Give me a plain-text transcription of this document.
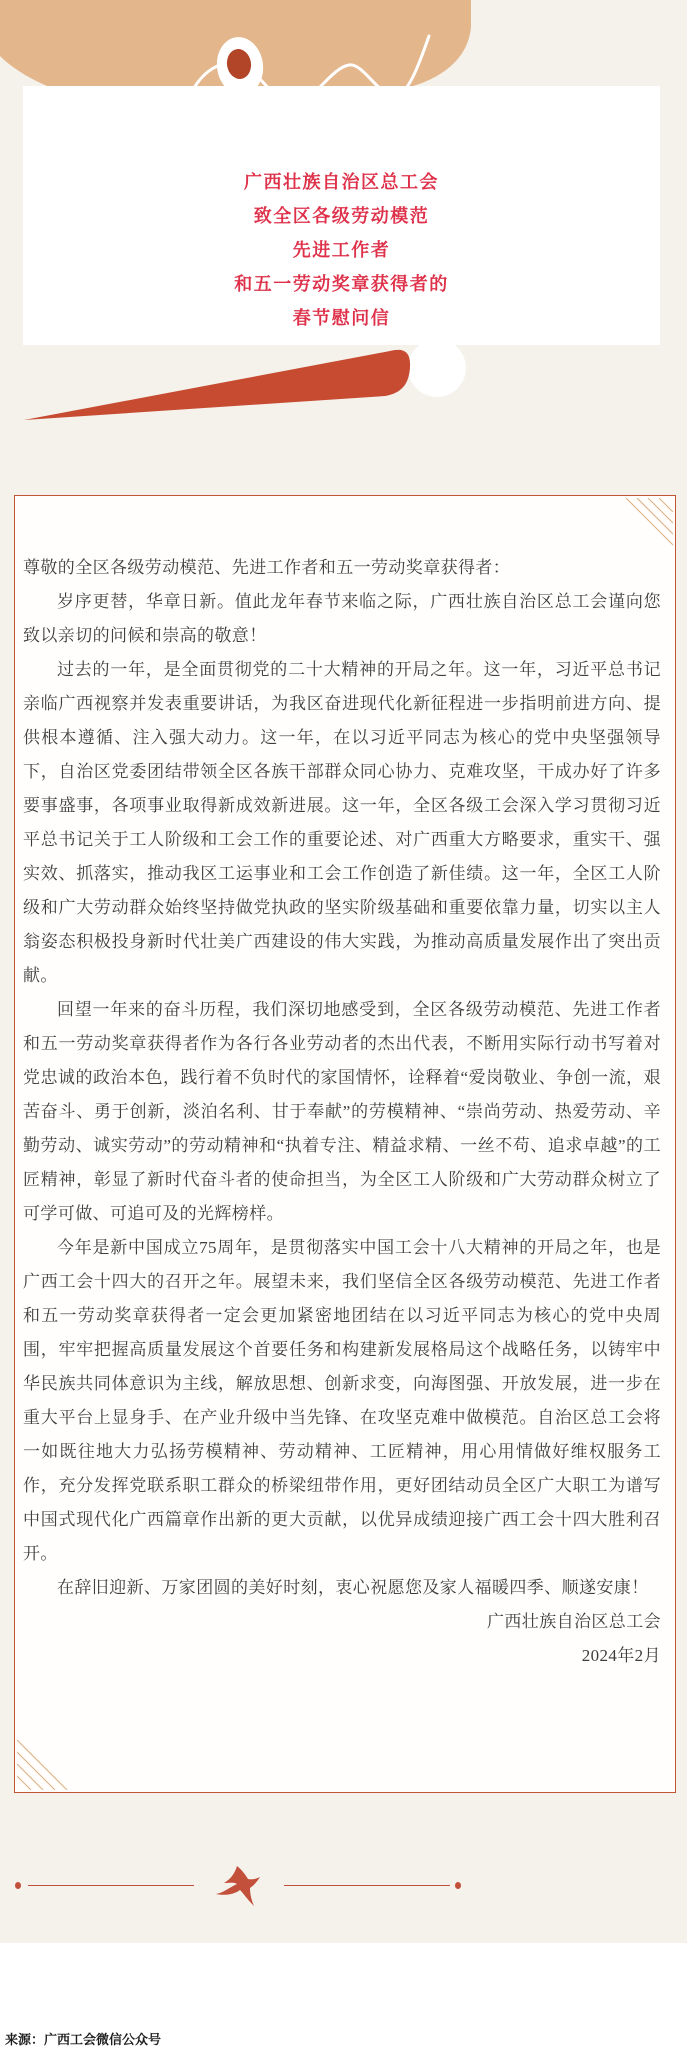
广西壮族自治区总工会
致全区各级劳动模范
先进工作者
和五一劳动奖章获得者的
春节慰问信

尊敬的全区各级劳动模范、先进工作者和五一劳动奖章获得者：

岁序更替，华章日新。值此龙年春节来临之际，广西壮族自治区总工会谨向您致以亲切的问候和崇高的敬意！

过去的一年，是全面贯彻党的二十大精神的开局之年。这一年，习近平总书记亲临广西视察并发表重要讲话，为我区奋进现代化新征程进一步指明前进方向、提供根本遵循、注入强大动力。这一年，在以习近平同志为核心的党中央坚强领导下，自治区党委团结带领全区各族干部群众同心协力、克难攻坚，干成办好了许多要事盛事，各项事业取得新成效新进展。这一年，全区各级工会深入学习贯彻习近平总书记关于工人阶级和工会工作的重要论述、对广西重大方略要求，重实干、强实效、抓落实，推动我区工运事业和工会工作创造了新佳绩。这一年，全区工人阶级和广大劳动群众始终坚持做党执政的坚实阶级基础和重要依靠力量，切实以主人翁姿态积极投身新时代壮美广西建设的伟大实践，为推动高质量发展作出了突出贡献。

回望一年来的奋斗历程，我们深切地感受到，全区各级劳动模范、先进工作者和五一劳动奖章获得者作为各行各业劳动者的杰出代表，不断用实际行动书写着对党忠诚的政治本色，践行着不负时代的家国情怀，诠释着“爱岗敬业、争创一流，艰苦奋斗、勇于创新，淡泊名利、甘于奉献”的劳模精神、“崇尚劳动、热爱劳动、辛勤劳动、诚实劳动”的劳动精神和“执着专注、精益求精、一丝不苟、追求卓越”的工匠精神，彰显了新时代奋斗者的使命担当，为全区工人阶级和广大劳动群众树立了可学可做、可追可及的光辉榜样。

今年是新中国成立75周年，是贯彻落实中国工会十八大精神的开局之年，也是广西工会十四大的召开之年。展望未来，我们坚信全区各级劳动模范、先进工作者和五一劳动奖章获得者一定会更加紧密地团结在以习近平同志为核心的党中央周围，牢牢把握高质量发展这个首要任务和构建新发展格局这个战略任务，以铸牢中华民族共同体意识为主线，解放思想、创新求变，向海图强、开放发展，进一步在重大平台上显身手、在产业升级中当先锋、在攻坚克难中做模范。自治区总工会将一如既往地大力弘扬劳模精神、劳动精神、工匠精神，用心用情做好维权服务工作，充分发挥党联系职工群众的桥梁纽带作用，更好团结动员全区广大职工为谱写中国式现代化广西篇章作出新的更大贡献，以优异成绩迎接广西工会十四大胜利召开。

在辞旧迎新、万家团圆的美好时刻，衷心祝愿您及家人福暖四季、顺遂安康！

广西壮族自治区总工会

2024年2月

来源：广西工会微信公众号
